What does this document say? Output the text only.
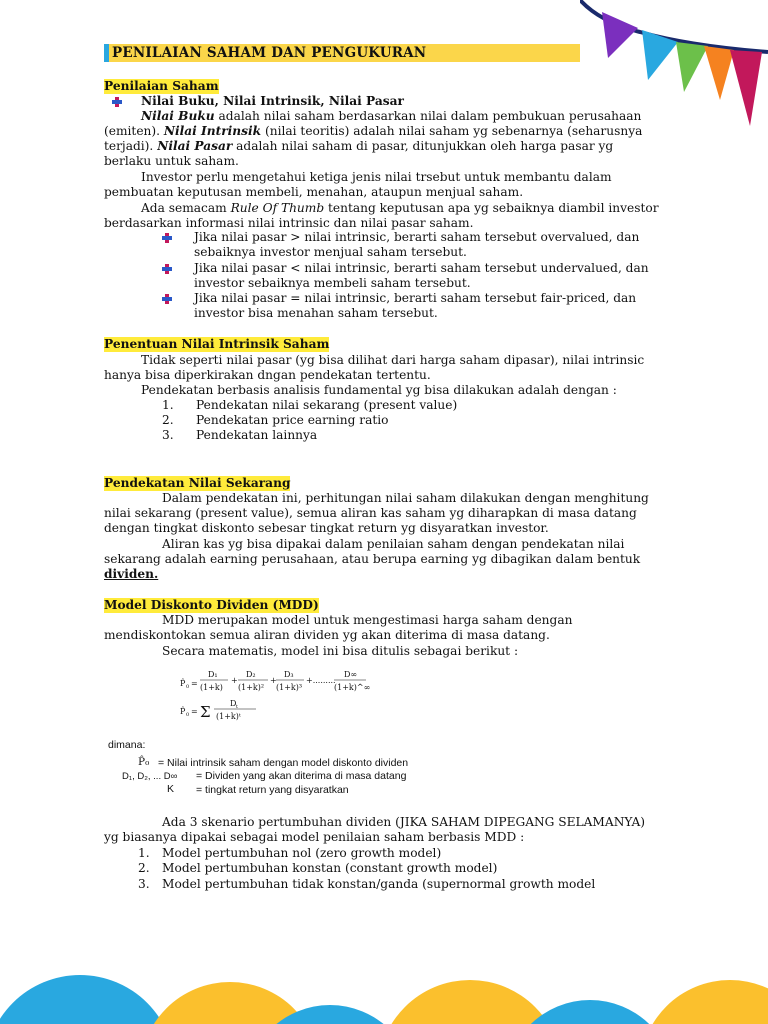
PENILAIAN SAHAM DAN PENGUKURAN
Penilaian Saham
Nilai Buku, Nilai Intrinsik, Nilai Pasar
Nilai Buku adalah nilai saham berdasarkan nilai dalam pembukuan perusahaan
(emiten). Nilai Intrinsik (nilai teoritis) adalah nilai saham yg sebenarnya (seharusnya
terjadi). Nilai Pasar adalah nilai saham di pasar, ditunjukkan oleh harga pasar yg
berlaku untuk saham.
Investor perlu mengetahui ketiga jenis nilai trsebut untuk membantu dalam
pembuatan keputusan membeli, menahan, ataupun menjual saham.
Ada semacam Rule Of Thumb tentang keputusan apa yg sebaiknya diambil investor
berdasarkan informasi nilai intrinsic dan nilai pasar saham.
Jika nilai pasar > nilai intrinsic, berarti saham tersebut overvalued, dan
sebaiknya investor menjual saham tersebut.
Jika nilai pasar < nilai intrinsic, berarti saham tersebut undervalued, dan
investor sebaiknya membeli saham tersebut.
Jika nilai pasar = nilai intrinsic, berarti saham tersebut fair-priced, dan
investor bisa menahan saham tersebut.
Penentuan Nilai Intrinsik Saham
Tidak seperti nilai pasar (yg bisa dilihat dari harga saham dipasar), nilai intrinsic
hanya bisa diperkirakan dngan pendekatan tertentu.
Pendekatan berbasis analisis fundamental yg bisa dilakukan adalah dengan :
1. Pendekatan nilai sekarang (present value)
2. Pendekatan price earning ratio
3. Pendekatan lainnya
Pendekatan Nilai Sekarang
Dalam pendekatan ini, perhitungan nilai saham dilakukan dengan menghitung
nilai sekarang (present value), semua aliran kas saham yg diharapkan di masa datang
dengan tingkat diskonto sebesar tingkat return yg disyaratkan investor.
Aliran kas yg bisa dipakai dalam penilaian saham dengan pendekatan nilai
sekarang adalah earning perusahaan, atau berupa earning yg dibagikan dalam bentuk
dividen.
Model Diskonto Dividen (MDD)
MDD merupakan model untuk mengestimasi harga saham dengan
mendiskontokan semua aliran dividen yg akan diterima di masa datang.
Secara matematis, model ini bisa ditulis sebagai berikut :
P̂ 0 =
D₁
(1+k)
+
D₂
(1+k)²
+
D₃
(1+k)³
+.........
D∞
(1+k)^∞
P̂ 0 = Σ D t
(1+k)ᵗ
dimana:
P̂₀ = Nilai intrinsik saham dengan model diskonto dividen
D₁, D₂, ... D∞ = Dividen yang akan diterima di masa datang
K = tingkat return yang disyaratkan
Ada 3 skenario pertumbuhan dividen (JIKA SAHAM DIPEGANG SELAMANYA)
yg biasanya dipakai sebagai model penilaian saham berbasis MDD :
1. Model pertumbuhan nol (zero growth model)
2. Model pertumbuhan konstan (constant growth model)
3. Model pertumbuhan tidak konstan/ganda (supernormal growth model
